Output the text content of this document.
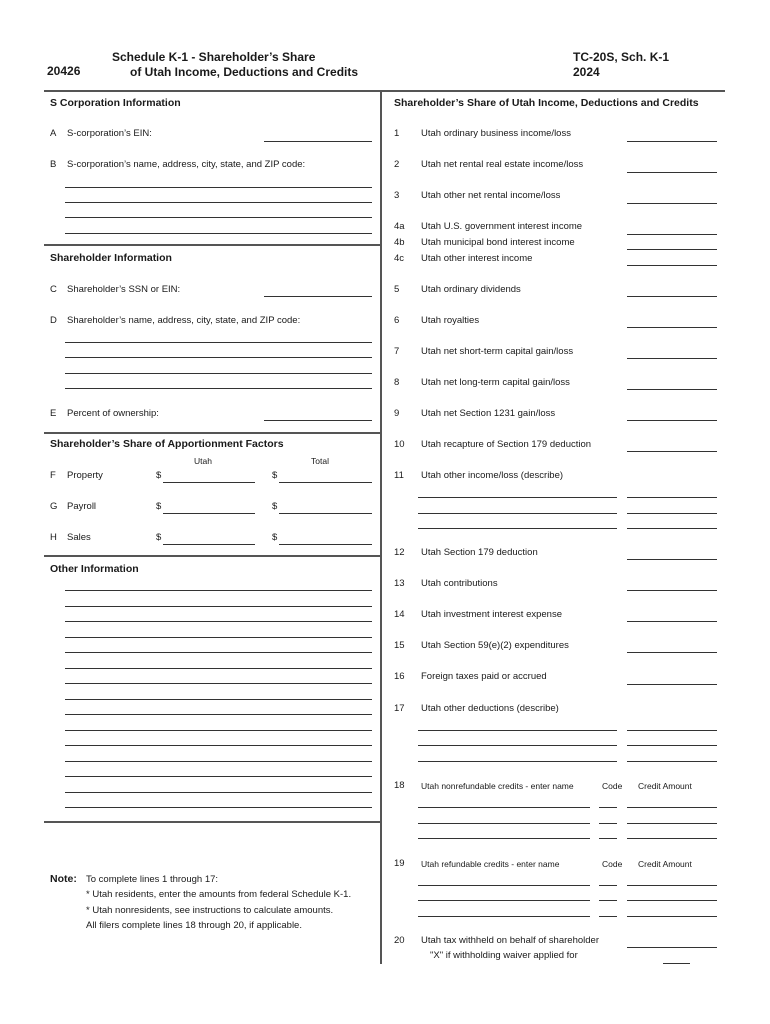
20426
Schedule K-1 - Shareholder’s Share
of Utah Income, Deductions and Credits
TC-20S, Sch. K-1
2024
S Corporation Information
A S-corporation’s EIN:
B S-corporation’s name, address, city, state, and ZIP code:
Shareholder Information
C Shareholder’s SSN or EIN:
D Shareholder’s name, address, city, state, and ZIP code:
E Percent of ownership:
Shareholder’s Share of Apportionment Factors
Utah	Total
F Property	$	$
G Payroll	$	$
H Sales	$	$
Other Information
Note: To complete lines 1 through 17:
* Utah residents, enter the amounts from federal Schedule K-1.
* Utah nonresidents, see instructions to calculate amounts.
All filers complete lines 18 through 20, if applicable.
Shareholder’s Share of Utah Income, Deductions and Credits
1 Utah ordinary business income/loss
2 Utah net rental real estate income/loss
3 Utah other net rental income/loss
4a Utah U.S. government interest income
4b Utah municipal bond interest income
4c Utah other interest income
5 Utah ordinary dividends
6 Utah royalties
7 Utah net short-term capital gain/loss
8 Utah net long-term capital gain/loss
9 Utah net Section 1231 gain/loss
10 Utah recapture of Section 179 deduction
11 Utah other income/loss (describe)
12 Utah Section 179 deduction
13 Utah contributions
14 Utah investment interest expense
15 Utah Section 59(e)(2) expenditures
16 Foreign taxes paid or accrued
17 Utah other deductions (describe)
18 Utah nonrefundable credits - enter name	Code Credit Amount
19 Utah refundable credits - enter name	Code Credit Amount
20 Utah tax withheld on behalf of shareholder
"X" if withholding waiver applied for
